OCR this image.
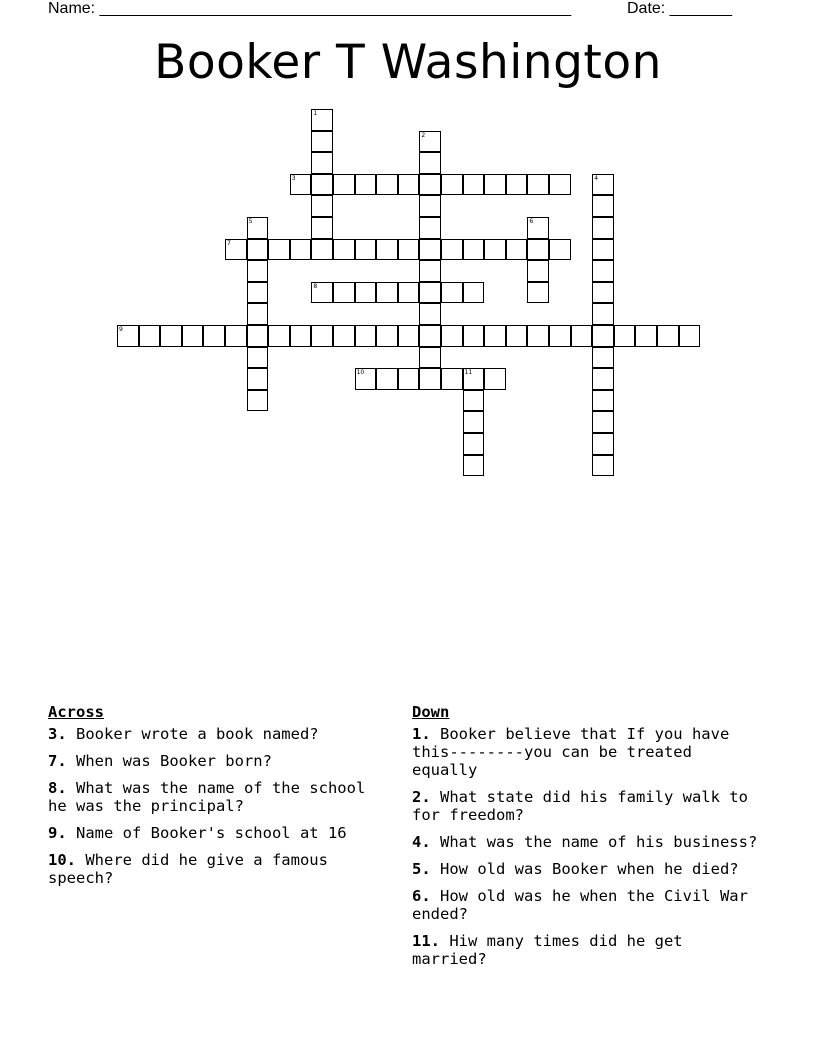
Name: _____________________________________________________	Date: _______
Booker T Washington
1
2
3	4
5	6
7
8
9
10	11
Across
3. Booker wrote a book named?
7. When was Booker born?
8. What was the name of the school he was the principal?
9. Name of Booker's school at 16
10. Where did he give a famous speech?
Down
1. Booker believe that If you have this--------you can be treated equally
2. What state did his family walk to for freedom?
4. What was the name of his business?
5. How old was Booker when he died?
6. How old was he when the Civil War ended?
11. Hiw many times did he get married?
